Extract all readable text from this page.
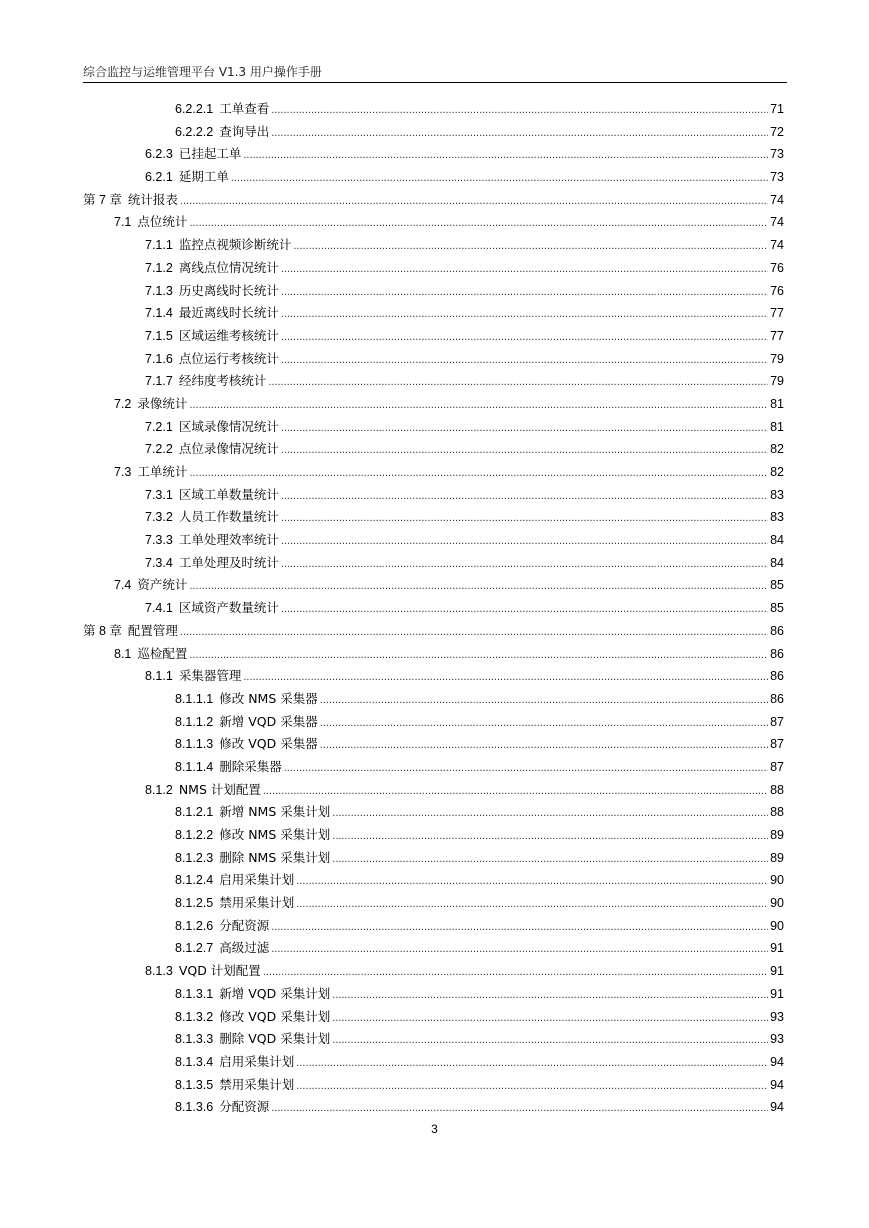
综合监控与运维管理平台 V1.3 用户操作手册
6.2.2.1 工单查看 .....	71
6.2.2.2 查询导出 .....	72
6.2.3 已挂起工单 .....	73
6.2.1 延期工单 .....	73
第 7 章 统计报表 .....	74
7.1 点位统计 .....	74
7.1.1 监控点视频诊断统计 .....	74
7.1.2 离线点位情况统计 .....	76
7.1.3 历史离线时长统计 .....	76
7.1.4 最近离线时长统计 .....	77
7.1.5 区域运维考核统计 .....	77
7.1.6 点位运行考核统计 .....	79
7.1.7 经纬度考核统计 .....	79
7.2 录像统计 .....	81
7.2.1 区域录像情况统计 .....	81
7.2.2 点位录像情况统计 .....	82
7.3 工单统计 .....	82
7.3.1 区域工单数量统计 .....	83
7.3.2 人员工作数量统计 .....	83
7.3.3 工单处理效率统计 .....	84
7.3.4 工单处理及时统计 .....	84
7.4 资产统计 .....	85
7.4.1 区域资产数量统计 .....	85
第 8 章 配置管理 .....	86
8.1 巡检配置 .....	86
8.1.1 采集器管理 .....	86
8.1.1.1 修改 NMS 采集器 .....	86
8.1.1.2 新增 VQD 采集器 .....	87
8.1.1.3 修改 VQD 采集器 .....	87
8.1.1.4 删除采集器 .....	87
8.1.2 NMS 计划配置 .....	88
8.1.2.1 新增 NMS 采集计划 .....	88
8.1.2.2 修改 NMS 采集计划 .....	89
8.1.2.3 删除 NMS 采集计划 .....	89
8.1.2.4 启用采集计划 .....	90
8.1.2.5 禁用采集计划 .....	90
8.1.2.6 分配资源 .....	90
8.1.2.7 高级过滤 .....	91
8.1.3 VQD 计划配置 .....	91
8.1.3.1 新增 VQD 采集计划 .....	91
8.1.3.2 修改 VQD 采集计划 .....	93
8.1.3.3 删除 VQD 采集计划 .....	93
8.1.3.4 启用采集计划 .....	94
8.1.3.5 禁用采集计划 .....	94
8.1.3.6 分配资源 .....	94
3
